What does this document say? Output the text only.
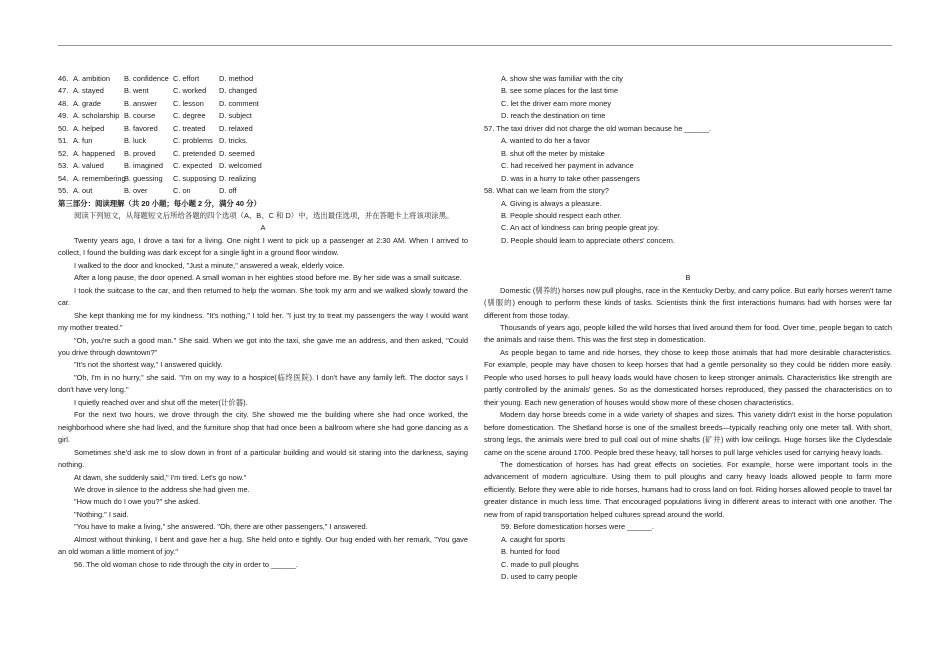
46. A. ambition B. confidence C. effort	D. method
47. A. stayed	B. went	C. worked D. changed
48. A. grade	B. answer C. lesson D. comment
49. A. scholarship B. course C. degree D. subject
50. A. helped	B. favored C. treated D. relaxed
51. A. fun	B. luck	C. problems D. tricks.
52. A. happened B. proved C. pretended D. seemed
53. A. valued	B. imagined C. expected D. welcomed
54. A. rememberingB. guessing C. supposing D. realizing
55. A. out	B. over	C. on	D. off
第三部分：阅读理解（共 20 小题；每小题 2 分，满分 40 分）
阅读下列短文，从每题短文后所给各题的四个选项（A、B、C 和 D）中，选出最佳选项，并在答题卡上将该项涂黑。
A
Twenty years ago, I drove a taxi for a living. One night I went to pick up a passenger at 2:30 AM. When I arrived to collect, I found the building was dark except for a single light in a ground floor window.
I walked to the door and knocked, "Just a minute," answered a weak, elderly voice.
After a long pause, the door opened. A small woman in her eighties stood before me. By her side was a small suitcase.
I took the suitcase to the car, and then returned to help the woman. She took my arm and we walked slowly toward the car.
She kept thanking me for my kindness. "It's nothing," I told her. "I just try to treat my passengers the way I would want my mother treated."
"Oh, you're such a good man." She said. When we got into the taxi, she gave me an address, and then asked, "Could you drive through downtown?"
"It's not the shortest way," I answered quickly.
"Oh, I'm in no hurry," she said. "I'm on my way to a hospice(临终医院). I don't have any family left. The doctor says I don't have very long."
I quietly reached over and shut off the meter(计价器).
For the next two hours, we drove through the city. She showed me the building where she had once worked, the neighborhood where she had lived, and the furniture shop that had once been a ballroom where she had gone dancing as a girl.
Sometimes she'd ask me to slow down in front of a particular building and would sit staring into the darkness, saying nothing.
At dawn, she suddenly said," I'm tired. Let's go now."
We drove in silence to the address she had given me.
"How much do I owe you?" she asked.
"Nothing." I said.
"You have to make a living," she answered. "Oh, there are other passengers," I answered.
Almost without thinking, I bent and gave her a hug. She held onto e tightly. Our hug ended with her remark, "You gave an old woman a little moment of joy."
56. The old woman chose to ride through the city in order to ______.
A. show she was familiar with the city
B. see some places for the last time
C. let the driver earn more money
D. reach the destination on time
57. The taxi driver did not charge the old woman because he ______.
A. wanted to do her a favor
B. shut off the meter by mistake
C. had received her payment in advance
D. was in a hurry to take other passengers
58. What can we learn from the story?
A. Giving is always a pleasure.
B. People should respect each other.
C. An act of kindness can bring people great joy.
D. People should learn to appreciate others' concern.
B
Domestic (驯养的) horses now pull ploughs, race in the Kentucky Derby, and carry police. But early horses weren't tame (驯服的) enough to perform these kinds of tasks. Scientists think the first interactions humans had with horses were far different from those today.
Thousands of years ago, people killed the wild horses that lived around them for food. Over time, people began to catch the animals and raise them. This was the first step in domestication.
As people began to tame and ride horses, they chose to keep those animals that had more desirable characteristics. For example, people may have chosen to keep horses that had a gentle personality so they could be ridden more easily. People who used horses to pull heavy loads would have chosen to keep stronger animals. Characteristics like strength are partly controlled by the animals' genes. So as the domesticated horses reproduced, they passed the characteristics on to their young. Each new generation of houses would show more of these chosen characteristics.
Modern day horse breeds come in a wide variety of shapes and sizes. This variety didn't exist in the horse population before domestication. The Shetland horse is one of the smallest breeds—typically reaching only one meter tall. With short, strong legs, the animals were bred to pull coal out of mine shafts (矿井) with low ceilings. Huge horses like the Clydesdale came on the scene around 1700. People bred these heavy, tall horses to pull large vehicles used for carrying heavy loads.
The domestication of horses has had great effects on societies. For example, horse were important tools in the advancement of modern agriculture. Using them to pull ploughs and carry heavy loads allowed people to farm more efficiently. Before they were able to ride horses, humans had to cross land on foot. Riding horses allowed people to travel far greater distance in much less time. That encouraged populations living in different areas to interact with one another. The new from of rapid transportation helped cultures spread around the world.
59. Before domestication horses were ______.
A. caught for sports
B. hunted for food
C. made to pull ploughs
D. used to carry people
